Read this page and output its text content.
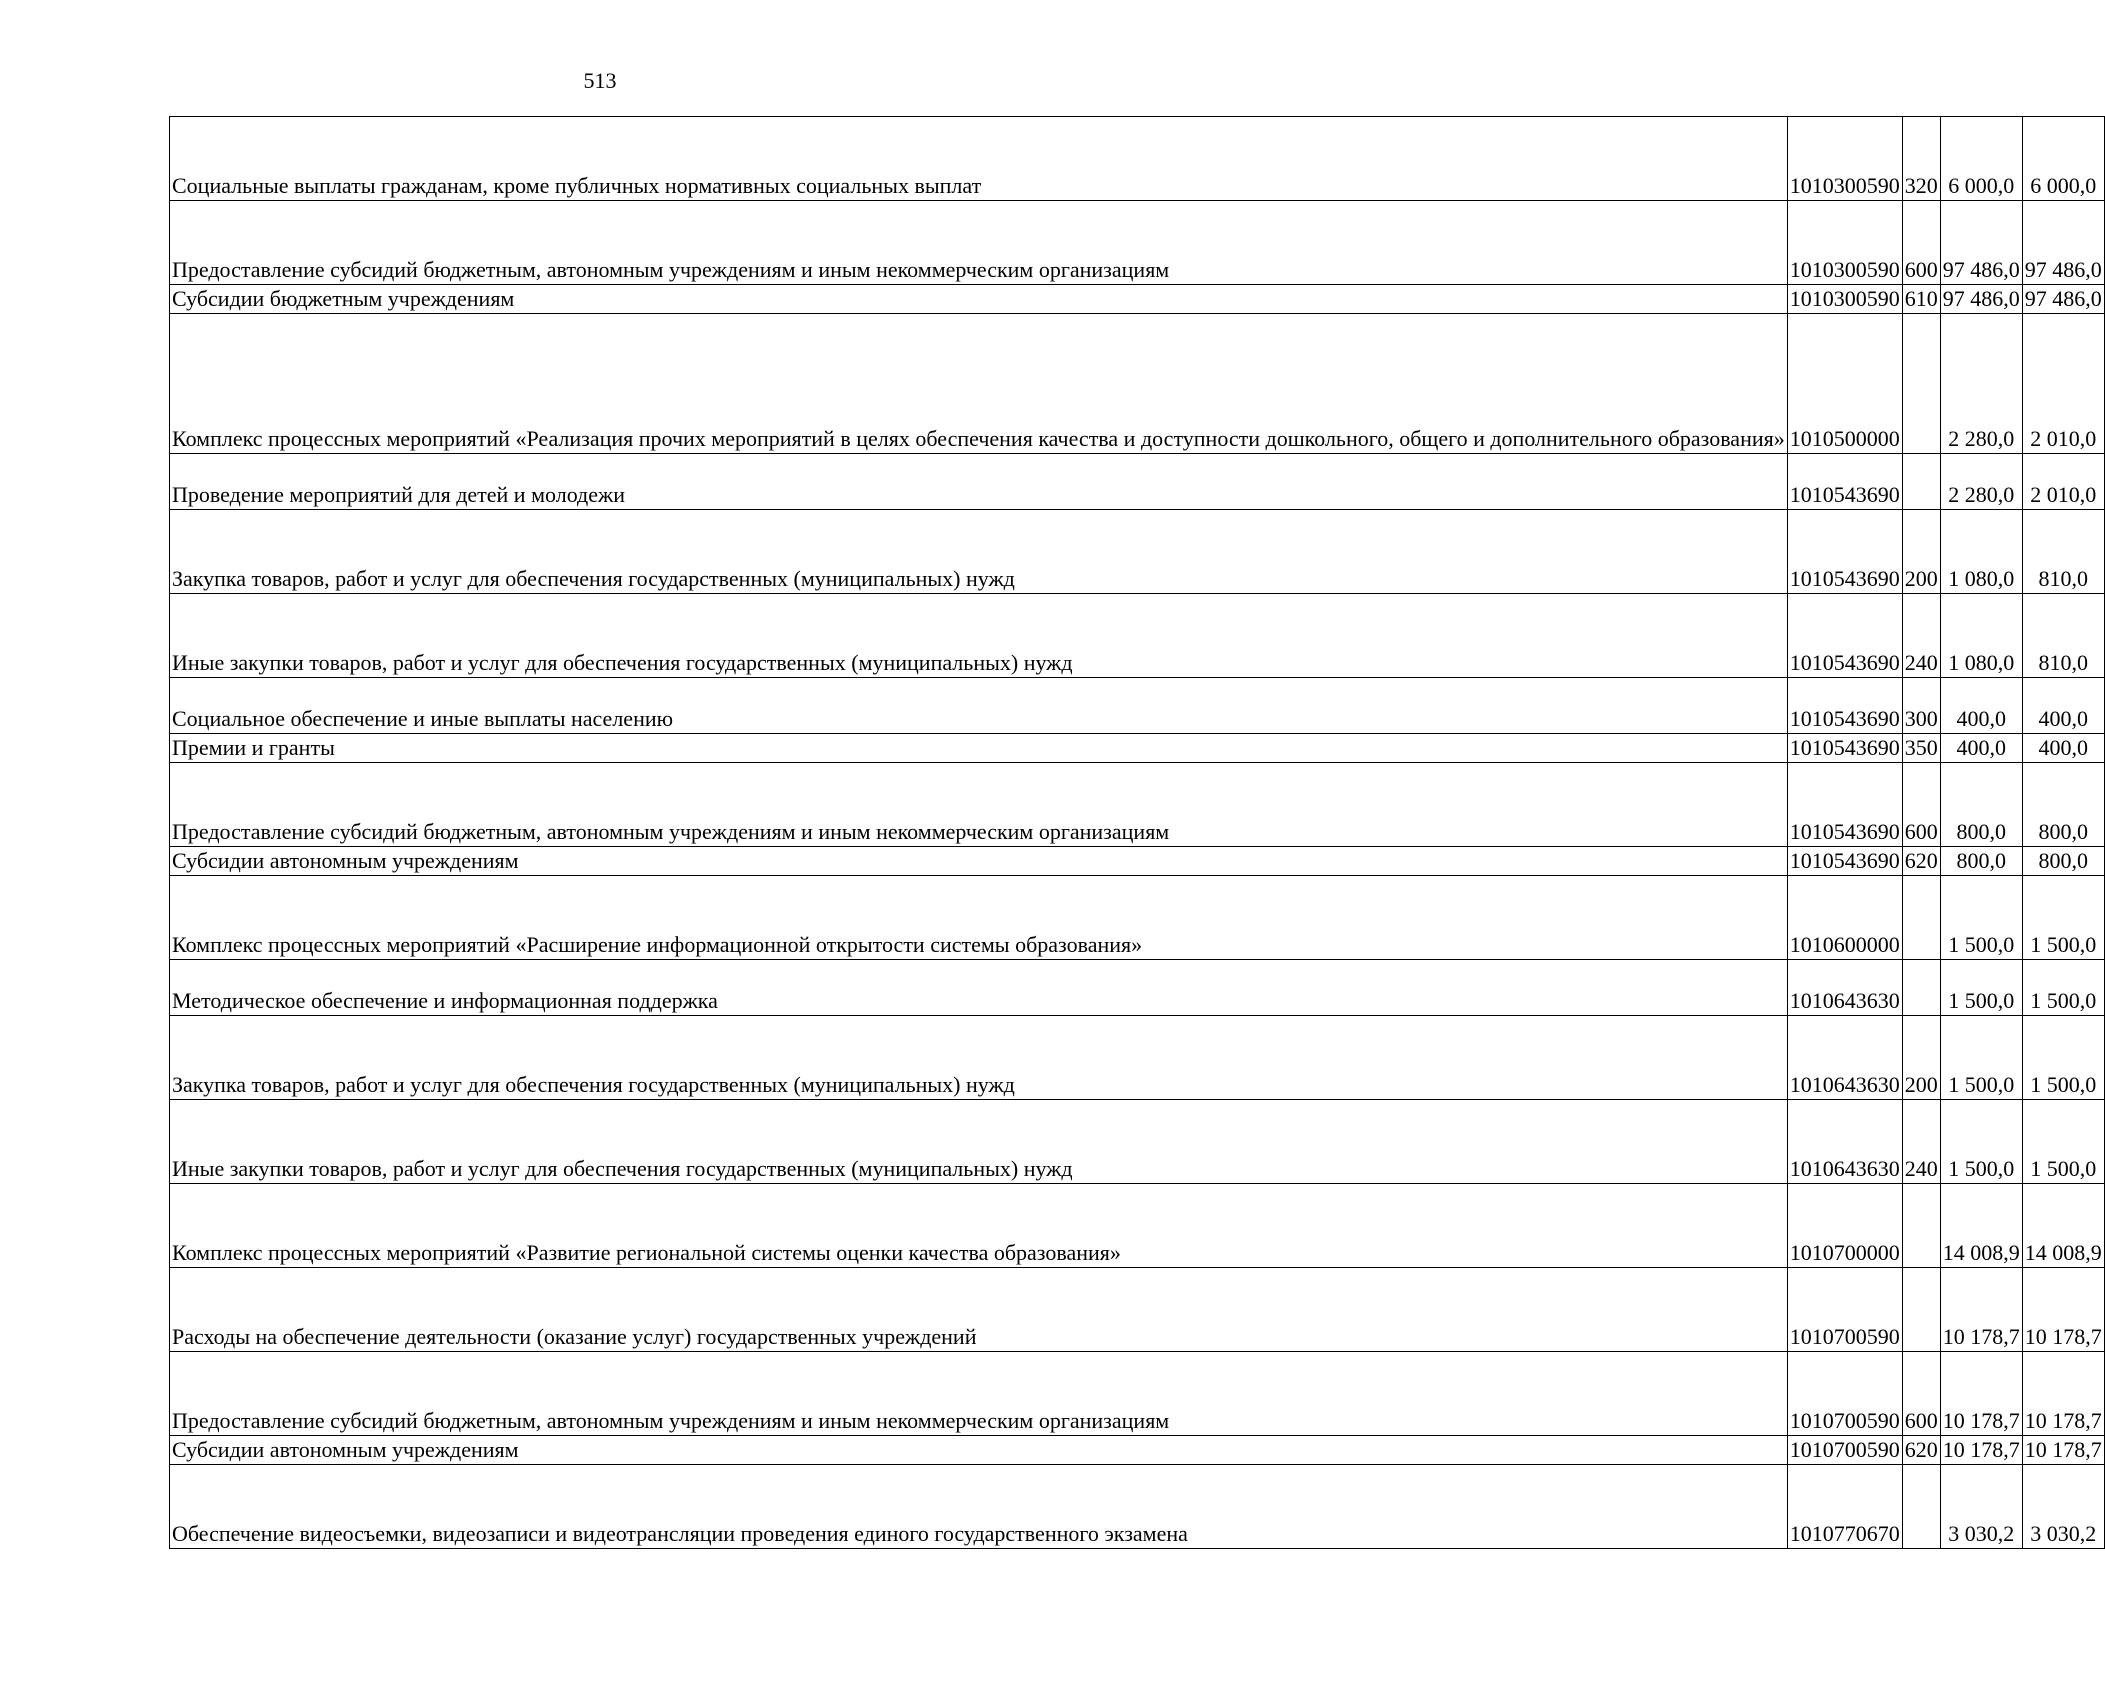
513
Социальные выплаты гражданам, кроме публичных нормативных социальных выплат	1010300590	320	6 000,0	6 000,0
Предоставление субсидий бюджетным, автономным учреждениям и иным некоммерческим организациям	1010300590	600	97 486,0	97 486,0
Субсидии бюджетным учреждениям	1010300590	610	97 486,0	97 486,0
Комплекс процессных мероприятий «Реализация прочих мероприятий в целях обеспечения качества и доступности дошкольного, общего и дополнительного образования»	1010500000		2 280,0	2 010,0
Проведение мероприятий для детей и молодежи	1010543690		2 280,0	2 010,0
Закупка товаров, работ и услуг для обеспечения государственных (муниципальных) нужд	1010543690	200	1 080,0	810,0
Иные закупки товаров, работ и услуг для обеспечения государственных (муниципальных) нужд	1010543690	240	1 080,0	810,0
Социальное обеспечение и иные выплаты населению	1010543690	300	400,0	400,0
Премии и гранты	1010543690	350	400,0	400,0
Предоставление субсидий бюджетным, автономным учреждениям и иным некоммерческим организациям	1010543690	600	800,0	800,0
Субсидии автономным учреждениям	1010543690	620	800,0	800,0
Комплекс процессных мероприятий «Расширение информационной открытости системы образования»	1010600000		1 500,0	1 500,0
Методическое обеспечение и информационная поддержка	1010643630		1 500,0	1 500,0
Закупка товаров, работ и услуг для обеспечения государственных (муниципальных) нужд	1010643630	200	1 500,0	1 500,0
Иные закупки товаров, работ и услуг для обеспечения государственных (муниципальных) нужд	1010643630	240	1 500,0	1 500,0
Комплекс процессных мероприятий «Развитие региональной системы оценки качества образования»	1010700000		14 008,9	14 008,9
Расходы на обеспечение деятельности (оказание услуг) государственных учреждений	1010700590		10 178,7	10 178,7
Предоставление субсидий бюджетным, автономным учреждениям и иным некоммерческим организациям	1010700590	600	10 178,7	10 178,7
Субсидии автономным учреждениям	1010700590	620	10 178,7	10 178,7
Обеспечение видеосъемки, видеозаписи и видеотрансляции проведения единого государственного экзамена	1010770670		3 030,2	3 030,2
